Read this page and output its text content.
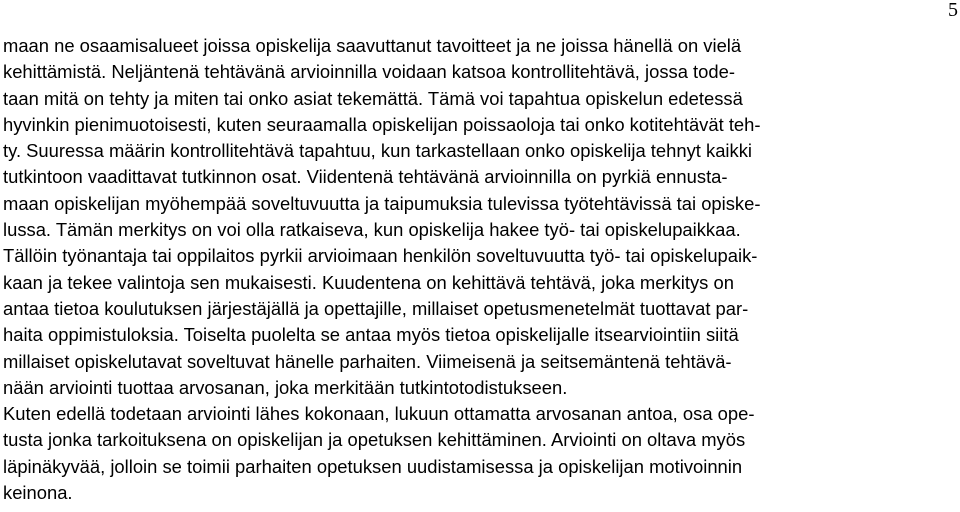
5
maan ne osaamisalueet joissa opiskelija saavuttanut tavoitteet ja ne joissa hänellä on vielä
kehittämistä. Neljäntenä tehtävänä arvioinnilla voidaan katsoa kontrollitehtävä, jossa tode-
taan mitä on tehty ja miten tai onko asiat tekemättä. Tämä voi tapahtua opiskelun edetessä
hyvinkin pienimuotoisesti, kuten seuraamalla opiskelijan poissaoloja tai onko kotitehtävät teh-
ty. Suuressa määrin kontrollitehtävä tapahtuu, kun tarkastellaan onko opiskelija tehnyt kaikki
tutkintoon vaadittavat tutkinnon osat. Viidentenä tehtävänä arvioinnilla on pyrkiä ennusta-
maan opiskelijan myöhempää soveltuvuutta ja taipumuksia tulevissa työtehtävissä tai opiske-
lussa. Tämän merkitys on voi olla ratkaiseva, kun opiskelija hakee työ- tai opiskelupaikkaa.
Tällöin työnantaja tai oppilaitos pyrkii arvioimaan henkilön soveltuvuutta työ- tai opiskelupaik-
kaan ja tekee valintoja sen mukaisesti. Kuudentena on kehittävä tehtävä, joka merkitys on
antaa tietoa koulutuksen järjestäjällä ja opettajille, millaiset opetusmenetelmät tuottavat par-
haita oppimistuloksia. Toiselta puolelta se antaa myös tietoa opiskelijalle itsearviointiin siitä
millaiset opiskelutavat soveltuvat hänelle parhaiten. Viimeisenä ja seitsemäntenä tehtävä-
nään arviointi tuottaa arvosanan, joka merkitään tutkintotodistukseen.
Kuten edellä todetaan arviointi lähes kokonaan, lukuun ottamatta arvosanan antoa, osa ope-
tusta jonka tarkoituksena on opiskelijan ja opetuksen kehittäminen. Arviointi on oltava myös
läpinäkyvää, jolloin se toimii parhaiten opetuksen uudistamisessa ja opiskelijan motivoinnin
keinona.
